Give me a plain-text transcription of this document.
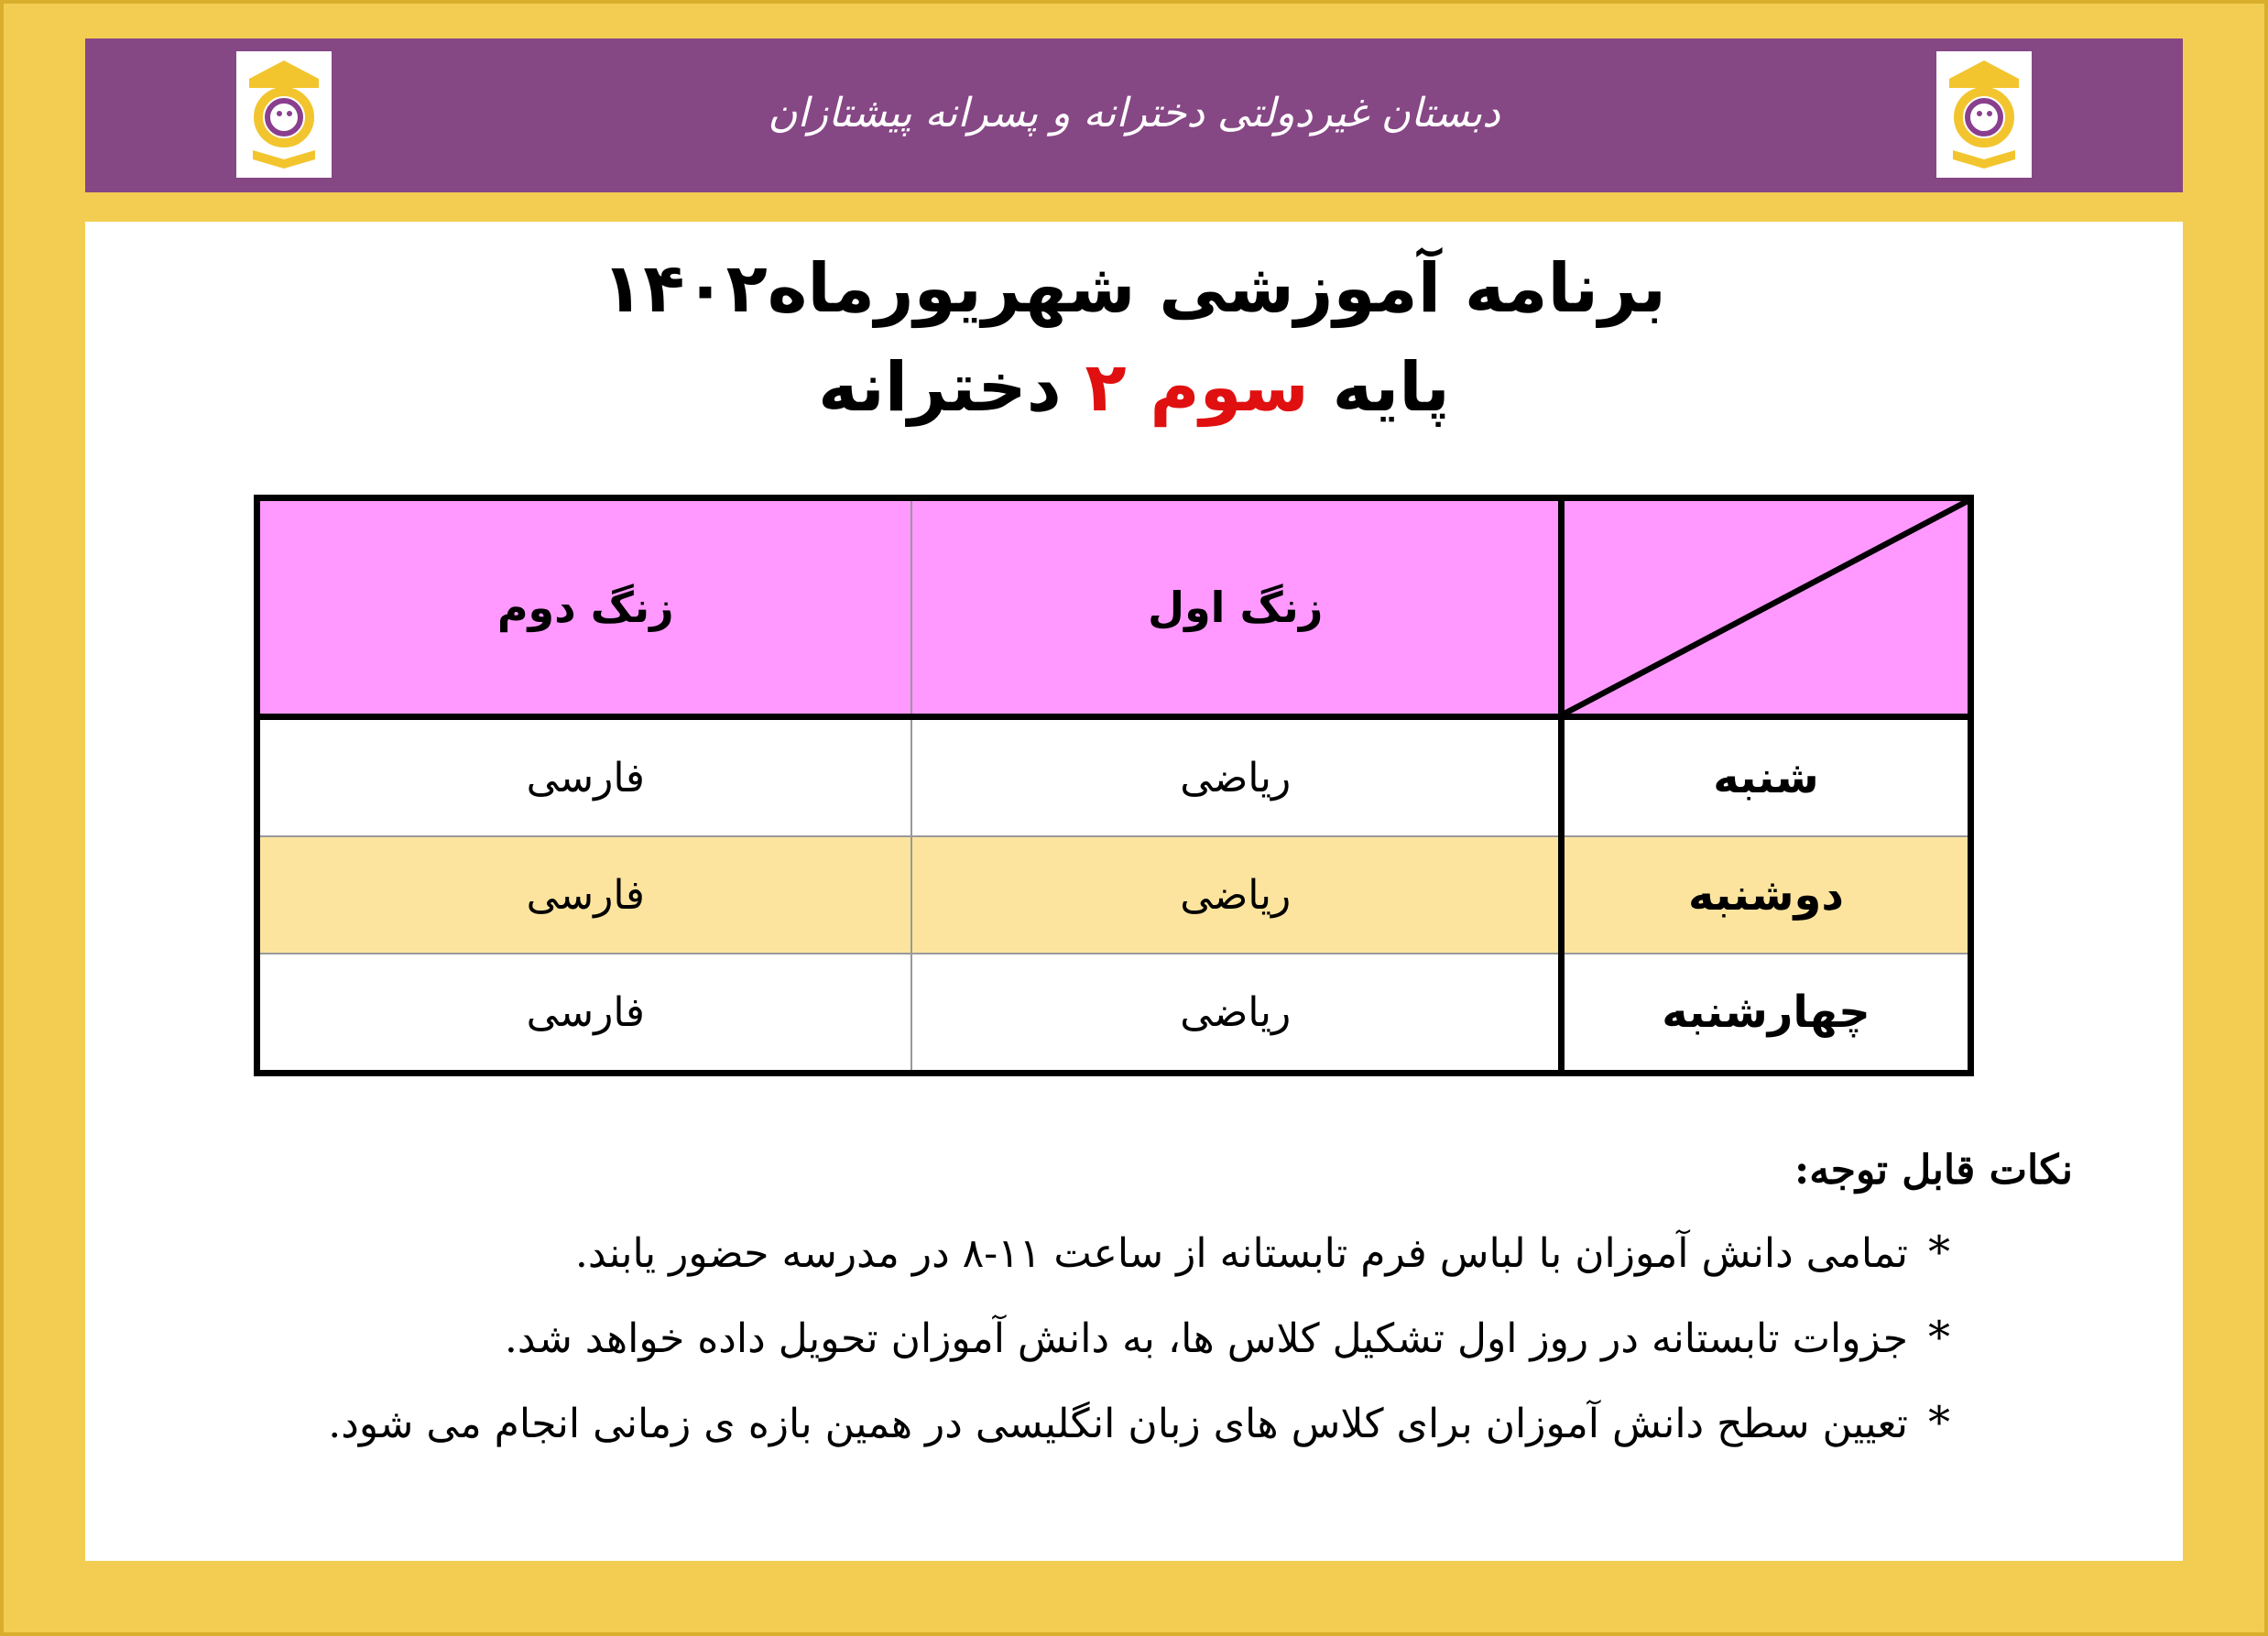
دبستان غیردولتی دخترانه و پسرانه پیشتازان
برنامه آموزشی شهریورماه۱۴۰۲
پایه سوم ۲ دخترانه
	زنگ اول	زنگ دوم
شنبه	ریاضی	فارسی
دوشنبه	ریاضی	فارسی
چهارشنبه	ریاضی	فارسی
نکات قابل توجه:
*
تمامی دانش آموزان با لباس فرم تابستانه از ساعت ۱۱-۸ در مدرسه حضور یابند.
*
جزوات تابستانه در روز اول تشکیل کلاس ها، به دانش آموزان تحویل داده خواهد شد.
*
تعیین سطح دانش آموزان برای کلاس های زبان انگلیسی در همین بازه ی زمانی انجام می شود.
